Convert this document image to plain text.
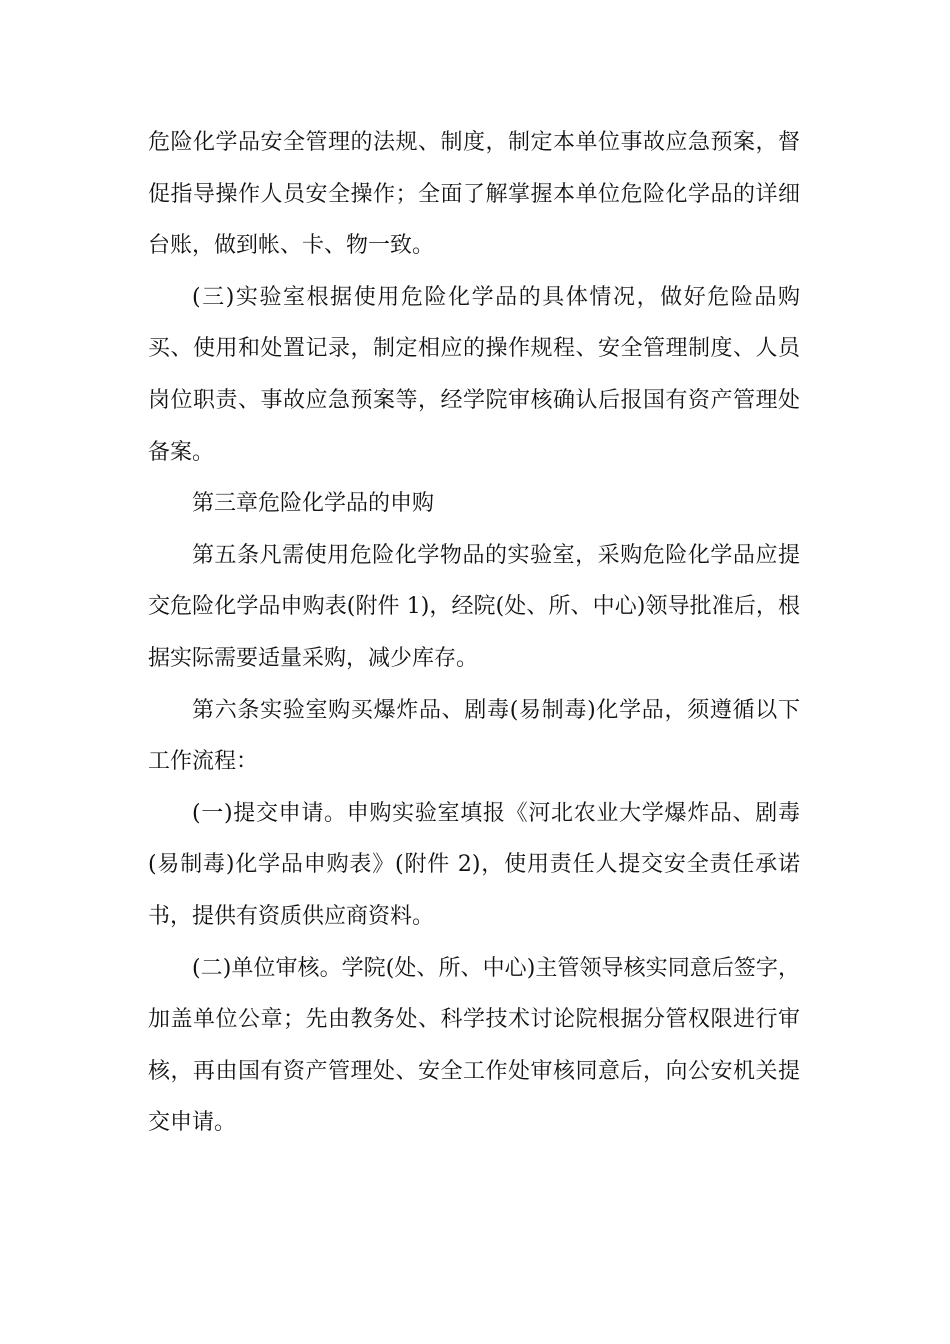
危险化学品安全管理的法规、制度，制定本单位事故应急预案，督
促指导操作人员安全操作；全面了解掌握本单位危险化学品的详细
台账，做到帐、卡、物一致。
(三)实验室根据使用危险化学品的具体情况，做好危险品购
买、使用和处置记录，制定相应的操作规程、安全管理制度、人员
岗位职责、事故应急预案等，经学院审核确认后报国有资产管理处
备案。
第三章危险化学品的申购
第五条凡需使用危险化学物品的实验室，采购危险化学品应提
交危险化学品申购表(附件 1)，经院(处、所、中心)领导批准后，根
据实际需要适量采购，减少库存。
第六条实验室购买爆炸品、剧毒(易制毒)化学品，须遵循以下
工作流程：
(一)提交申请。申购实验室填报《河北农业大学爆炸品、剧毒
(易制毒)化学品申购表》(附件 2)，使用责任人提交安全责任承诺
书，提供有资质供应商资料。
(二)单位审核。学院(处、所、中心)主管领导核实同意后签字，
加盖单位公章；先由教务处、科学技术讨论院根据分管权限进行审
核，再由国有资产管理处、安全工作处审核同意后，向公安机关提
交申请。
